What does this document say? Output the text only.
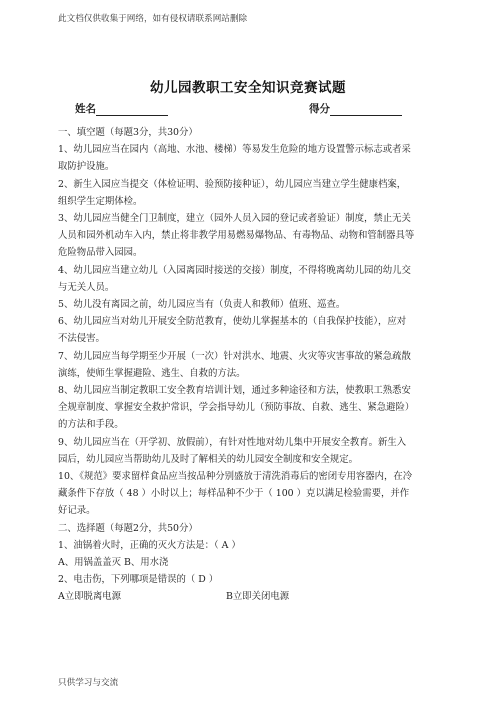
此文档仅供收集于网络，如有侵权请联系网站删除
幼儿园教职工安全知识竞赛试题
姓名	得分
一、填空题（每题3分，共30分）
1、幼儿园应当在园内（高地、水池、楼梯）等易发生危险的地方设置警示标志或者采
取防护设施。
2、新生入园应当提交（体检证明、验预防接种证），幼儿园应当建立学生健康档案，
组织学生定期体检。
3、幼儿园应当健全门卫制度，建立（园外人员入园的登记或者验证）制度，禁止无关
人员和园外机动车入内，禁止将非教学用易燃易爆物品、有毒物品、动物和管制器具等
危险物品带入园园。
4、幼儿园应当建立幼儿（入园离园时接送的交接）制度，不得将晚离幼儿园的幼儿交
与无关人员。
5、幼儿没有离园之前，幼儿园应当有（负责人和教师）值班、巡查。
6、幼儿园应当对幼儿开展安全防范教育，使幼儿掌握基本的（自我保护技能），应对
不法侵害。
7、幼儿园应当每学期至少开展（一次）针对洪水、地震、火灾等灾害事故的紧急疏散
演练，使师生掌握避险、逃生、自救的方法。
8、幼儿园应当制定教职工安全教育培训计划，通过多种途径和方法，使教职工熟悉安
全规章制度、掌握安全救护常识，学会指导幼儿（预防事故、自救、逃生、紧急避险）
的方法和手段。
9、幼儿园应当在（开学初、放假前），有针对性地对幼儿集中开展安全教育。新生入
园后，幼儿园应当帮助幼儿及时了解相关的幼儿园安全制度和安全规定。
10、《规范》要求留样食品应当按品种分别盛放于清洗消毒后的密闭专用容器内，在冷
藏条件下存放（ 48 ）小时以上；每样品种不少于（ 100 ）克以满足检验需要，并作
好记录。
二、选择题（每题2分，共50分）
1、油锅着火时，正确的灭火方法是：（ A ）
A、用锅盖盖灭 B、用水浇
2、电击伤，下列哪项是错误的（ D ）
A立即脱离电源	B立即关闭电源
只供学习与交流
